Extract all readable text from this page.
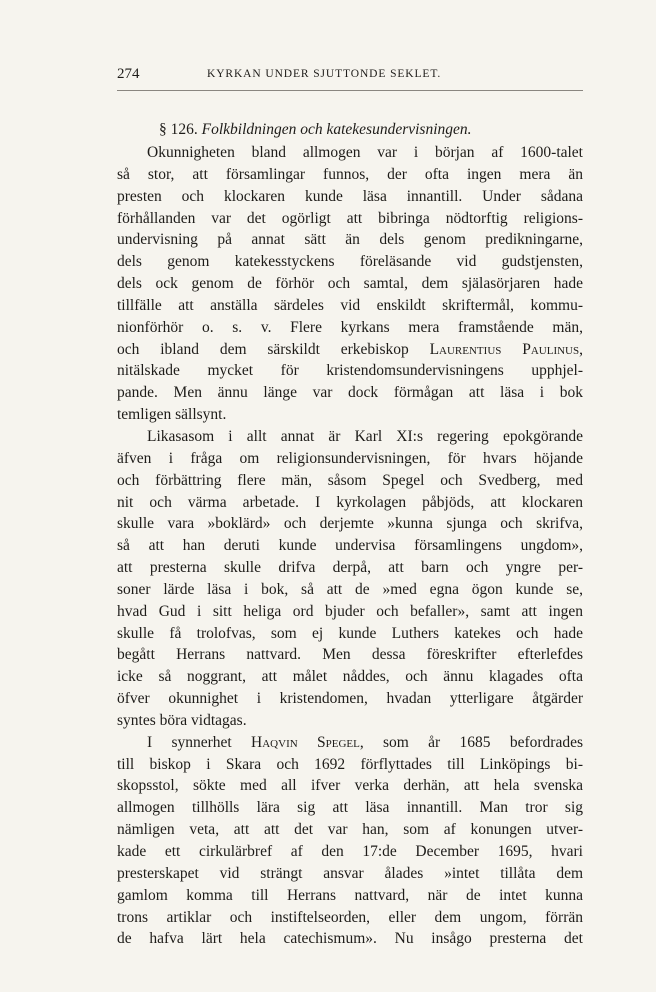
274	KYRKAN UNDER SJUTTONDE SEKLET.
§ 126. Folkbildningen och katekesundervisningen.
Okunnigheten bland allmogen var i början af 1600-talet
så stor, att församlingar funnos, der ofta ingen mera än
presten och klockaren kunde läsa innantill. Under sådana
förhållanden var det ogörligt att bibringa nödtorftig religions-
undervisning på annat sätt än dels genom predikningarne,
dels genom katekesstyckens föreläsande vid gudstjensten,
dels ock genom de förhör och samtal, dem själasörjaren hade
tillfälle att anställa särdeles vid enskildt skriftermål, kommu-
nionförhör o. s. v. Flere kyrkans mera framstående män,
och ibland dem särskildt erkebiskop Laurentius Paulinus,
nitälskade mycket för kristendomsundervisningens upphjel-
pande. Men ännu länge var dock förmågan att läsa i bok
temligen sällsynt.
Likasasom i allt annat är Karl XI:s regering epokgörande
äfven i fråga om religionsundervisningen, för hvars höjande
och förbättring flere män, såsom Spegel och Svedberg, med
nit och värma arbetade. I kyrkolagen påbjöds, att klockaren
skulle vara »boklärd» och derjemte »kunna sjunga och skrifva,
så att han deruti kunde undervisa församlingens ungdom»,
att presterna skulle drifva derpå, att barn och yngre per-
soner lärde läsa i bok, så att de »med egna ögon kunde se,
hvad Gud i sitt heliga ord bjuder och befaller», samt att ingen
skulle få trolofvas, som ej kunde Luthers katekes och hade
begått Herrans nattvard. Men dessa föreskrifter efterlefdes
icke så noggrant, att målet nåddes, och ännu klagades ofta
öfver okunnighet i kristendomen, hvadan ytterligare åtgärder
syntes böra vidtagas.
I synnerhet Haqvin Spegel, som år 1685 befordrades
till biskop i Skara och 1692 förflyttades till Linköpings bi-
skopsstol, sökte med all ifver verka derhän, att hela svenska
allmogen tillhölls lära sig att läsa innantill. Man tror sig
nämligen veta, att att det var han, som af konungen utver-
kade ett cirkulärbref af den 17:de December 1695, hvari
presterskapet vid strängt ansvar ålades »intet tillåta dem
gamlom komma till Herrans nattvard, när de intet kunna
trons artiklar och instiftelseorden, eller dem ungom, förrän
de hafva lärt hela catechismum». Nu insågo presterna det
